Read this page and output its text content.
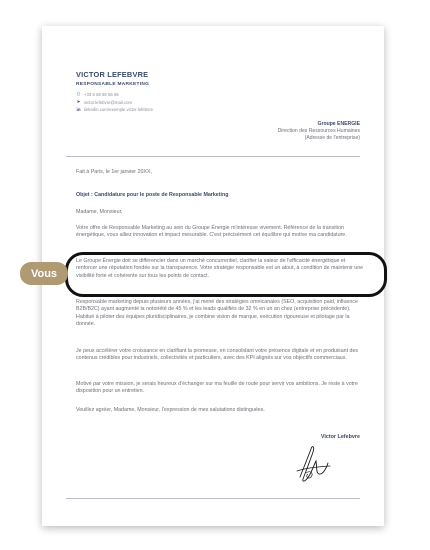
VICTOR LEFEBVRE
RESPONSABLE MARKETING
▯ +33 6 66 66 66 66
➤ victor.lefebvre@mail.com
in linkedin.com/exemple.victor.lefebvre
Groupe ENERGIE
Direction des Ressources Humaines
(Adresse de l'entreprise)

Fait à Paris, le 1er janvier 20XX,

Objet : Candidature pour le poste de Responsable Marketing

Madame, Monsieur,

Votre offre de Responsable Marketing au sein du Groupe Énergie m'intéresse vivement. Référence de la transition énergétique, vous alliez innovation et impact mesurable. C'est précisément cet équilibre qui motive ma candidature.

Le Groupe Énergie doit se différencier dans un marché concurrentiel, clarifier la valeur de l'efficacité énergétique et renforcer une réputation fondée sur la transparence. Votre stratégie responsable est un atout, à condition de maintenir une visibilité forte et cohérente sur tous les points de contact.

Responsable marketing depuis plusieurs années, j'ai mené des stratégies omnicanales (SEO, acquisition paid, influence B2B/B2C) ayant augmenté la notoriété de 45 % et les leads qualifiés de 32 % en un an chez (entreprise précédente). Habitué à piloter des équipes pluridisciplinaires, je combine vision de marque, exécution rigoureuse et pilotage par la donnée.

Je peux accélérer votre croissance en clarifiant la promesse, en consolidant votre présence digitale et en produisant des contenus crédibles pour industriels, collectivités et particuliers, avec des KPI alignés sur vos objectifs commerciaux.

Motivé par votre mission, je serais heureux d'échanger sur ma feuille de route pour servir vos ambitions. Je reste à votre disposition pour un entretien.

Veuillez agréer, Madame, Monsieur, l'expression de mes salutations distinguées.

Victor Lefebvre
Vous
